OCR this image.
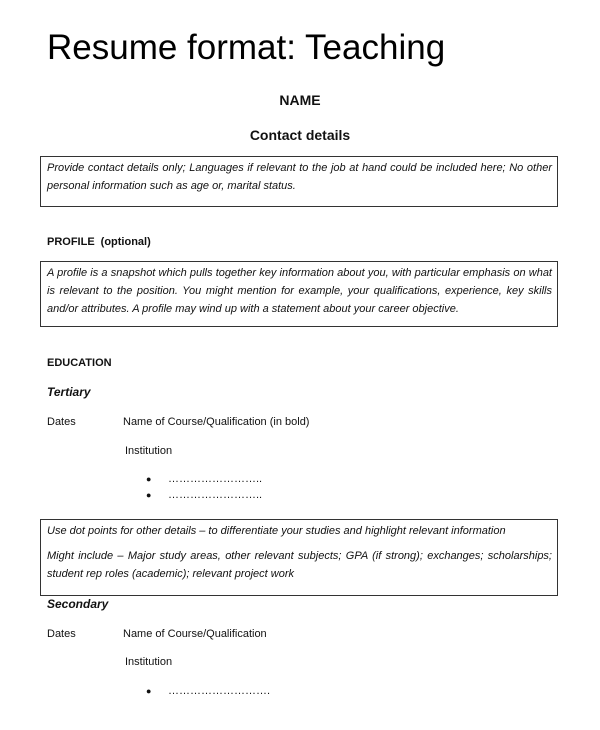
Resume format: Teaching
NAME
Contact details

Provide contact details only; Languages if relevant to the job at hand could be included here; No other personal information such as age or, marital status.

PROFILE (optional)

A profile is a snapshot which pulls together key information about you, with particular emphasis on what is relevant to the position. You might mention for example, your qualifications, experience, key skills and/or attributes. A profile may wind up with a statement about your career objective.

EDUCATION
Tertiary
Dates	Name of Course/Qualification (in bold)
Institution
● ……………………..
● ……………………..

Use dot points for other details – to differentiate your studies and highlight relevant information

Might include – Major study areas, other relevant subjects; GPA (if strong); exchanges; scholarships; student rep roles (academic); relevant project work

Secondary
Dates	Name of Course/Qualification
Institution
● ……………………….
